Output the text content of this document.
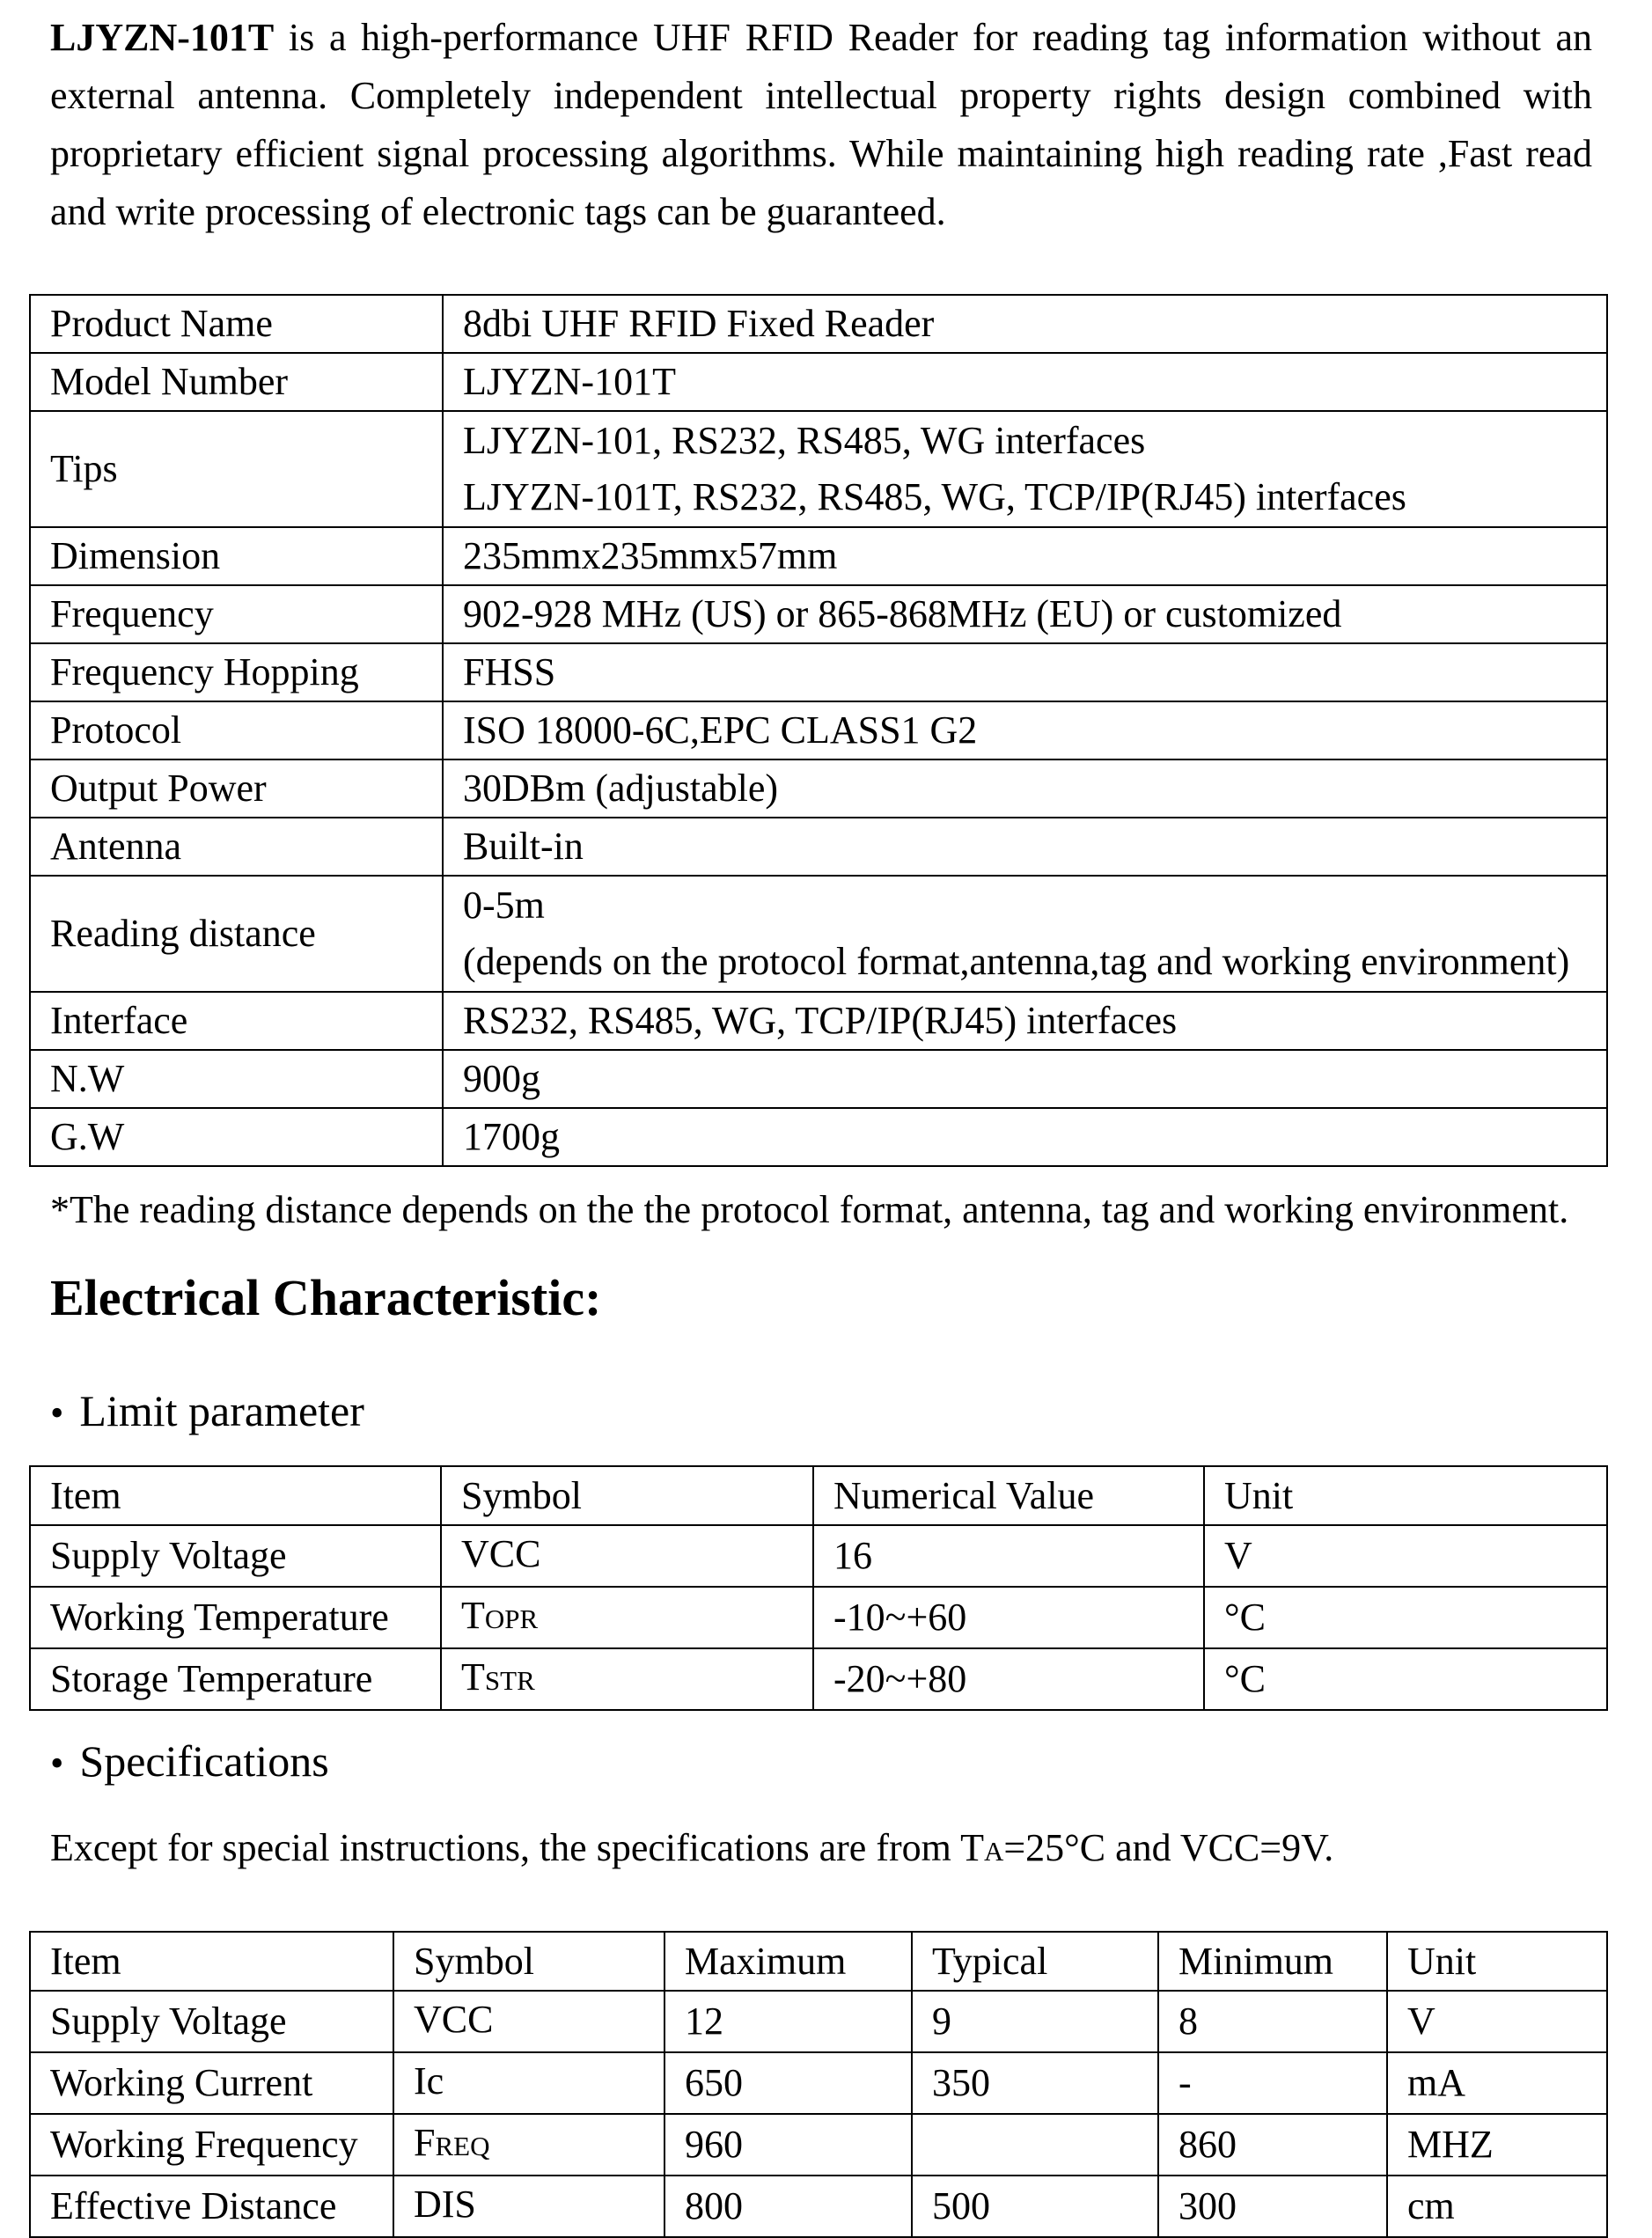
LJYZN-101T is a high-performance UHF RFID Reader for reading tag information without an external antenna. Completely independent intellectual property rights design combined with proprietary efficient signal processing algorithms. While maintaining high reading rate ,Fast read and write processing of electronic tags can be guaranteed.

Product Name	8dbi UHF RFID Fixed Reader
Model Number	LJYZN-101T
Tips	LJYZN-101, RS232, RS485, WG interfaces
LJYZN-101T, RS232, RS485, WG, TCP/IP(RJ45) interfaces

Dimension	235mmx235mmx57mm
Frequency	902-928 MHz (US) or 865-868MHz (EU) or customized
Frequency Hopping	FHSS
Protocol	ISO 18000-6C,EPC CLASS1 G2
Output Power	30DBm (adjustable)
Antenna	Built-in
Reading distance	0-5m
(depends on the protocol format,antenna,tag and working environment)

Interface	RS232, RS485, WG, TCP/IP(RJ45) interfaces
N.W	900g
G.W	1700g
*The reading distance depends on the the protocol format, antenna, tag and working environment.
Electrical Characteristic:
• Limit parameter
Item	Symbol	Numerical Value	Unit
Supply Voltage	VCC	16	V
Working Temperature	TOPR	-10~+60	°C
Storage Temperature	TSTR	-20~+80	°C
• Specifications
Except for special instructions, the specifications are from TA=25°C and VCC=9V.
Item	Symbol	Maximum	Typical	Minimum	Unit
Supply Voltage	VCC	12	9	8	V
Working Current	Ic	650	350	-	mA
Working Frequency	FREQ	960		860	MHZ
Effective Distance	DIS	800	500	300	cm
